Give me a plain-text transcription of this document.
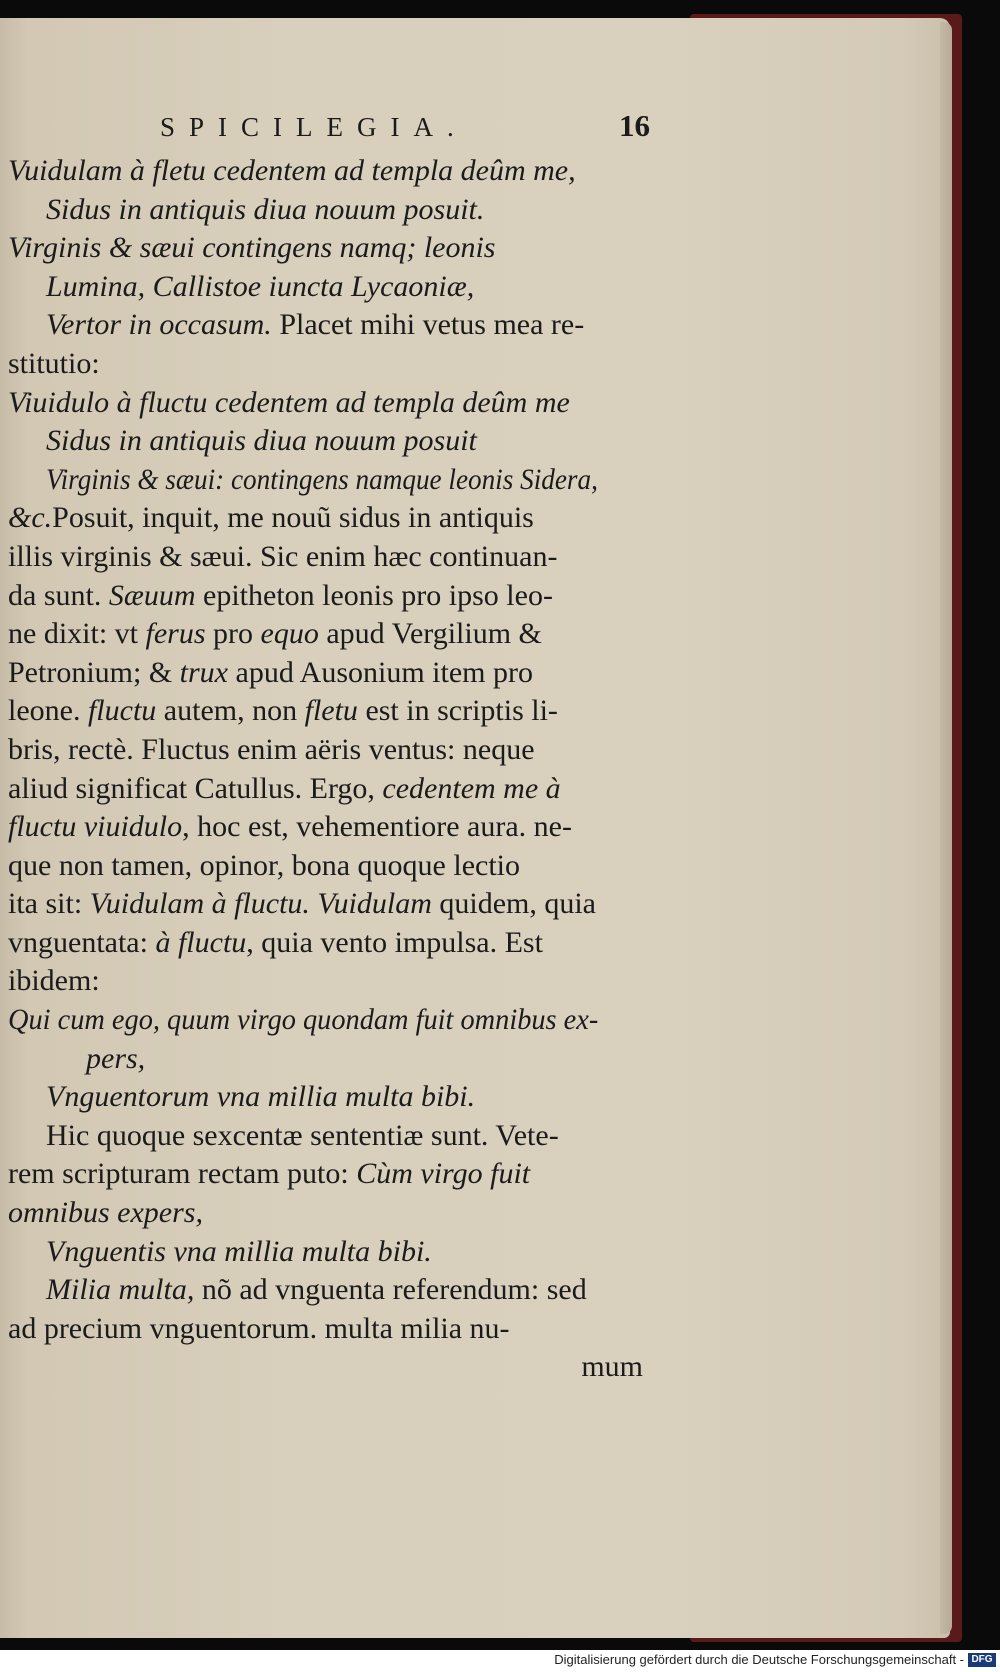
SPICILEGIA.	16
Vuidulam à fletu cedentem ad templa deûm me,
Sidus in antiquis diua nouum posuit.
Virginis & sæui contingens namq; leonis
Lumina, Callistoe iuncta Lycaoniæ,
Vertor in occasum. Placet mihi vetus mea re-
stitutio:
Viuidulo à fluctu cedentem ad templa deûm me
Sidus in antiquis diua nouum posuit
Virginis & sæui: contingens namque leonis Sidera,
&c.Posuit, inquit, me nouũ sidus in antiquis
illis virginis & sæui. Sic enim hæc continuan-
da sunt. Sæuum epitheton leonis pro ipso leo-
ne dixit: vt ferus pro equo apud Vergilium &
Petronium; & trux apud Ausonium item pro
leone. fluctu autem, non fletu est in scriptis li-
bris, rectè. Fluctus enim aëris ventus: neque
aliud significat Catullus. Ergo, cedentem me à
fluctu viuidulo, hoc est, vehementiore aura. ne-
que non tamen, opinor, bona quoque lectio
ita sit: Vuidulam à fluctu. Vuidulam quidem, quia
vnguentata: à fluctu, quia vento impulsa. Est
ibidem:
Qui cum ego, quum virgo quondam fuit omnibus ex-
pers,
Vnguentorum vna millia multa bibi.
Hic quoque sexcentæ sententiæ sunt. Vete-
rem scripturam rectam puto: Cùm virgo fuit
omnibus expers,
Vnguentis vna millia multa bibi.
Milia multa, nõ ad vnguenta referendum: sed
ad precium vnguentorum. multa milia nu-
mum
Digitalisierung gefördert durch die Deutsche Forschungsgemeinschaft - DFG
